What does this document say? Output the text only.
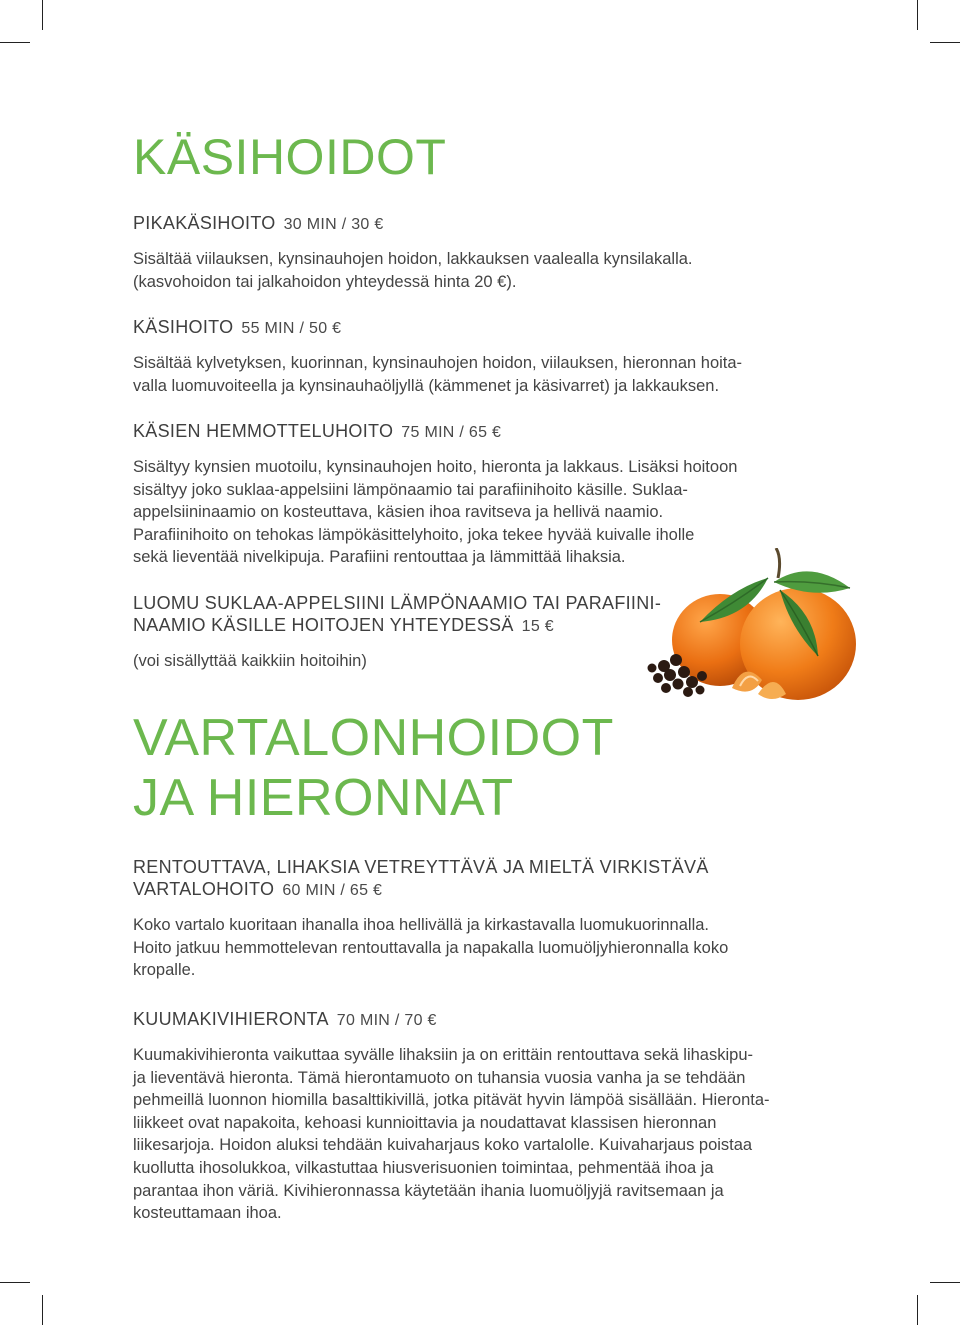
KÄSIHOIDOT
PIKAKÄSIHOITO 30 MIN / 30 €
Sisältää viilauksen, kynsinauhojen hoidon, lakkauksen vaalealla kynsilakalla.
(kasvohoidon tai jalkahoidon yhteydessä hinta 20 €).
KÄSIHOITO 55 MIN / 50 €
Sisältää kylvetyksen, kuorinnan, kynsinauhojen hoidon, viilauksen, hieronnan hoita-
valla luomuvoiteella ja kynsinauhaöljyllä (kämmenet ja käsivarret) ja lakkauksen.
KÄSIEN HEMMOTTELUHOITO 75 MIN / 65 €
Sisältyy kynsien muotoilu, kynsinauhojen hoito, hieronta ja lakkaus. Lisäksi hoitoon
sisältyy joko suklaa-appelsiini lämpönaamio tai parafiinihoito käsille. Suklaa-
appelsiininaamio on kosteuttava, käsien ihoa ravitseva ja hellivä naamio.
Parafiinihoito on tehokas lämpökäsittelyhoito, joka tekee hyvää kuivalle iholle
sekä lieventää nivelkipuja. Parafiini rentouttaa ja lämmittää lihaksia.
LUOMU SUKLAA-APPELSIINI LÄMPÖNAAMIO TAI PARAFIINI-
NAAMIO KÄSILLE HOITOJEN YHTEYDESSÄ 15 €
(voi sisällyttää kaikkiin hoitoihin)
VARTALONHOIDOT
JA HIERONNAT
RENTOUTTAVA, LIHAKSIA VETREYTTÄVÄ JA MIELTÄ VIRKISTÄVÄ
VARTALOHOITO 60 MIN / 65 €
Koko vartalo kuoritaan ihanalla ihoa hellivällä ja kirkastavalla luomukuorinnalla.
Hoito jatkuu hemmottelevan rentouttavalla ja napakalla luomuöljyhieronnalla koko
kropalle.
KUUMAKIVIHIERONTA 70 MIN / 70 €
Kuumakivihieronta vaikuttaa syvälle lihaksiin ja on erittäin rentouttava sekä lihaskipu-
ja lieventävä hieronta. Tämä hierontamuoto on tuhansia vuosia vanha ja se tehdään
pehmeillä luonnon hiomilla basalttikivillä, jotka pitävät hyvin lämpöä sisällään. Hieronta-
liikkeet ovat napakoita, kehoasi kunnioittavia ja noudattavat klassisen hieronnan
liikesarjoja. Hoidon aluksi tehdään kuivaharjaus koko vartalolle. Kuivaharjaus poistaa
kuollutta ihosolukkoa, vilkastuttaa hiusverisuonien toimintaa, pehmentää ihoa ja
parantaa ihon väriä. Kivihieronnassa käytetään ihania luomuöljyjä ravitsemaan ja
kosteuttamaan ihoa.
